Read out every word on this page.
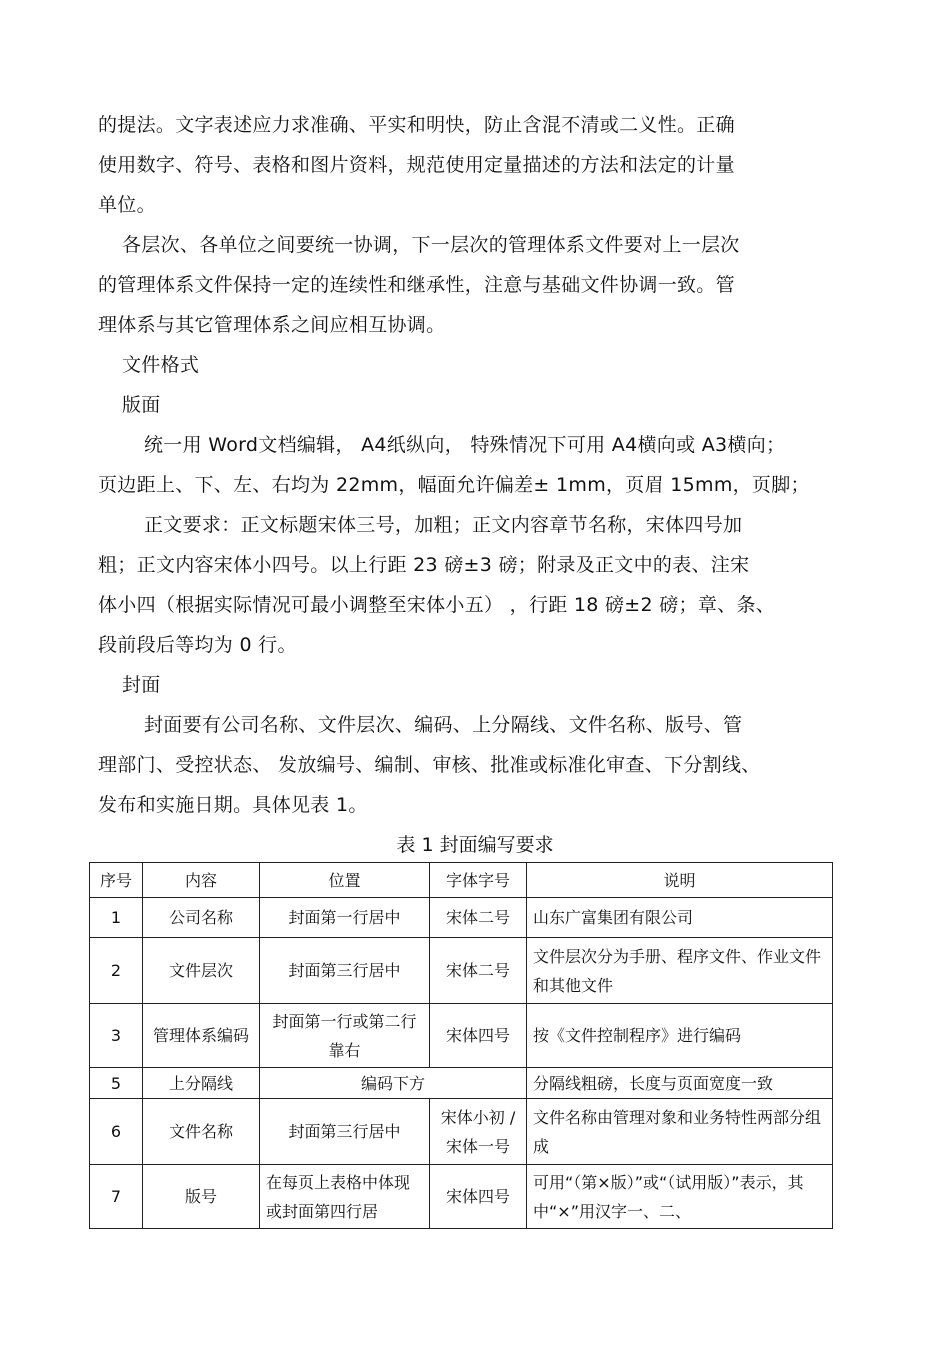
的提法。文字表述应力求准确、平实和明快，防止含混不清或二义性。正确
使用数字、符号、表格和图片资料，规范使用定量描述的方法和法定的计量
单位。
各层次、各单位之间要统一协调，下一层次的管理体系文件要对上一层次
的管理体系文件保持一定的连续性和继承性，注意与基础文件协调一致。管
理体系与其它管理体系之间应相互协调。
文件格式
版面
统一用 Word文档编辑， A4纸纵向， 特殊情况下可用 A4横向或 A3横向；
页边距上、下、左、右均为 22mm，幅面允许偏差± 1mm，页眉 15mm，页脚；
正文要求：正文标题宋体三号，加粗；正文内容章节名称，宋体四号加
粗；正文内容宋体小四号。以上行距 23 磅±3 磅；附录及正文中的表、注宋
体小四（根据实际情况可最小调整至宋体小五） ，行距 18 磅±2 磅；章、条、
段前段后等均为 0 行。
封面
封面要有公司名称、文件层次、编码、上分隔线、文件名称、版号、管
理部门、受控状态、 发放编号、编制、审核、批准或标准化审查、下分割线、
发布和实施日期。具体见表 1。
表 1 封面编写要求
序号	内容	位置	字体字号	说明
1	公司名称	封面第一行居中	宋体二号	山东广富集团有限公司
2	文件层次	封面第三行居中	宋体二号	文件层次分为手册、程序文件、作业文件和其他文件
3	管理体系编码	封面第一行或第二行靠右	宋体四号	按《文件控制程序》进行编码
5	上分隔线	编码下方		分隔线粗磅，长度与页面宽度一致
6	文件名称	封面第三行居中	宋体小初 / 宋体一号	文件名称由管理对象和业务特性两部分组成
7	版号	在每页上表格中体现或封面第四行居	宋体四号	可用“（第×版）”或“（试用版）”表示，其中“×”用汉字一、二、
